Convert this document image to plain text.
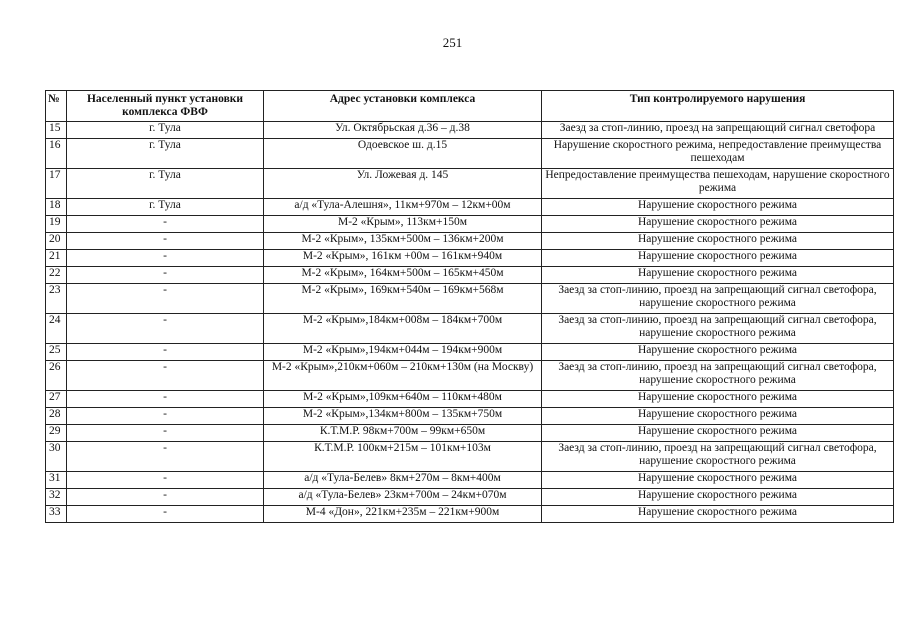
251
№	Населенный пункт установки комплекса ФВФ	Адрес установки комплекса	Тип контролируемого нарушения
15	г. Тула	Ул. Октябрьская д.36 – д.38	Заезд за стоп-линию, проезд на запрещающий сигнал светофора
16	г. Тула	Одоевское ш. д.15	Нарушение скоростного режима, непредоставление преимущества пешеходам
17	г. Тула	Ул. Ложевая д. 145	Непредоставление преимущества пешеходам, нарушение скоростного режима
18	г. Тула	а/д «Тула-Алешня», 11км+970м – 12км+00м	Нарушение скоростного режима
19	-	М-2 «Крым», 113км+150м	Нарушение скоростного режима
20	-	М-2 «Крым», 135км+500м – 136км+200м	Нарушение скоростного режима
21	-	М-2 «Крым», 161км +00м – 161км+940м	Нарушение скоростного режима
22	-	М-2 «Крым», 164км+500м – 165км+450м	Нарушение скоростного режима
23	-	М-2 «Крым», 169км+540м – 169км+568м	Заезд за стоп-линию, проезд на запрещающий сигнал светофора, нарушение скоростного режима
24	-	М-2 «Крым»,184км+008м – 184км+700м	Заезд за стоп-линию, проезд на запрещающий сигнал светофора, нарушение скоростного режима
25	-	М-2 «Крым»,194км+044м – 194км+900м	Нарушение скоростного режима
26	-	М-2 «Крым»,210км+060м – 210км+130м (на Москву)	Заезд за стоп-линию, проезд на запрещающий сигнал светофора, нарушение скоростного режима
27	-	М-2 «Крым»,109км+640м – 110км+480м	Нарушение скоростного режима
28	-	М-2 «Крым»,134км+800м – 135км+750м	Нарушение скоростного режима
29	-	К.Т.М.Р. 98км+700м – 99км+650м	Нарушение скоростного режима
30	-	К.Т.М.Р. 100км+215м – 101км+103м	Заезд за стоп-линию, проезд на запрещающий сигнал светофора, нарушение скоростного режима
31	-	а/д «Тула-Белев» 8км+270м – 8км+400м	Нарушение скоростного режима
32	-	а/д «Тула-Белев» 23км+700м – 24км+070м	Нарушение скоростного режима
33	-	М-4 «Дон», 221км+235м – 221км+900м	Нарушение скоростного режима
